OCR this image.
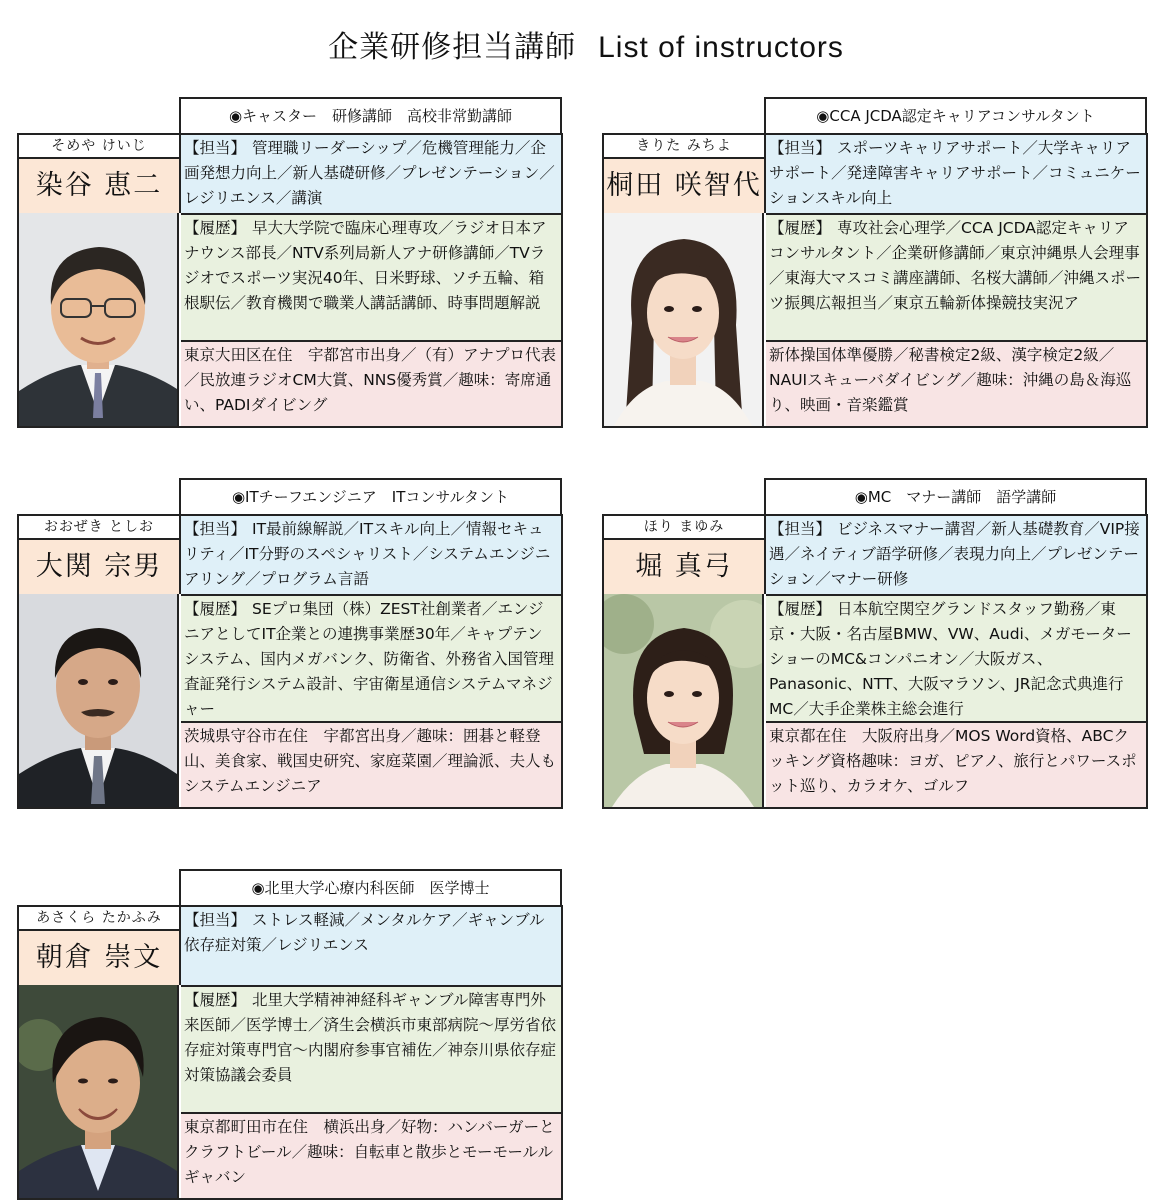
企業研修担当講師 List of instructors
◉キャスター　研修講師　高校非常勤講師
そめや けいじ
染谷 恵二
【担当】 管理職リーダーシップ／危機管理能力／企画発想力向上／新人基礎研修／プレゼンテーション／レジリエンス／講演
【履歴】 早大大学院で臨床心理専攻／ラジオ日本アナウンス部長／NTV系列局新人アナ研修講師／TVラジオでスポーツ実況40年、日米野球、ソチ五輪、箱根駅伝／教育機関で職業人講話講師、時事問題解説
東京大田区在住　宇都宮市出身／（有）アナプロ代表／民放連ラジオCM大賞、NNS優秀賞／趣味：寄席通い、PADIダイビング
◉CCA JCDA認定キャリアコンサルタント
きりた みちよ
桐田 咲智代
【担当】 スポーツキャリアサポート／大学キャリアサポート／発達障害キャリアサポート／コミュニケーションスキル向上
【履歴】 専攻社会心理学／CCA JCDA認定キャリアコンサルタント／企業研修講師／東京沖縄県人会理事／東海大マスコミ講座講師、名桜大講師／沖縄スポーツ振興広報担当／東京五輪新体操競技実況ア
新体操国体準優勝／秘書検定2級、漢字検定2級／NAUIスキューバダイビング／趣味：沖縄の島＆海巡り、映画・音楽鑑賞
◉ITチーフエンジニア　ITコンサルタント
おおぜき としお
大関 宗男
【担当】 IT最前線解説／ITスキル向上／情報セキュリティ／IT分野のスペシャリスト／システムエンジニアリング／プログラム言語
【履歴】 SEプロ集団（株）ZEST社創業者／エンジニアとしてIT企業との連携事業歴30年／キャプテンシステム、国内メガバンク、防衛省、外務省入国管理査証発行システム設計、宇宙衛星通信システムマネジャー
茨城県守谷市在住　宇都宮出身／趣味：囲碁と軽登山、美食家、戦国史研究、家庭菜園／理論派、夫人もシステムエンジニア
◉MC　マナー講師　語学講師
ほり まゆみ
堀 真弓
【担当】 ビジネスマナー講習／新人基礎教育／VIP接遇／ネイティブ語学研修／表現力向上／プレゼンテーション／マナー研修
【履歴】 日本航空関空グランドスタッフ勤務／東京・大阪・名古屋BMW、VW、Audi、メガモーターショーのMC&コンパニオン／大阪ガス、Panasonic、NTT、大阪マラソン、JR記念式典進行MC／大手企業株主総会進行
東京都在住　大阪府出身／MOS Word資格、ABCクッキング資格趣味：ヨガ、ピアノ、旅行とパワースポット巡り、カラオケ、ゴルフ
◉北里大学心療内科医師　医学博士
あさくら たかふみ
朝倉 崇文
【担当】 ストレス軽減／メンタルケア／ギャンブル依存症対策／レジリエンス
【履歴】 北里大学精神神経科ギャンブル障害専門外来医師／医学博士／済生会横浜市東部病院～厚労省依存症対策専門官～内閣府参事官補佐／神奈川県依存症対策協議会委員
東京都町田市在住　横浜出身／好物：ハンバーガーとクラフトビール／趣味：自転車と散歩とモーモールルギャバン
